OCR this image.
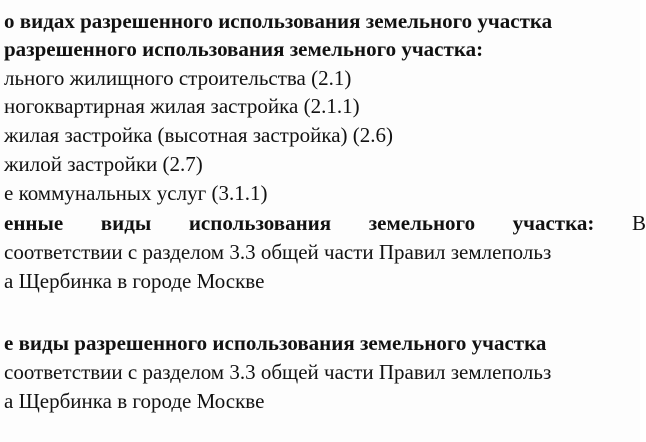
о видах разрешенного использования земельного участка
разрешенного использования земельного участка:
льного жилищного строительства (2.1)
ногоквартирная жилая застройка (2.1.1)
жилая застройка (высотная застройка) (2.6)
жилой застройки (2.7)
е коммунальных услуг (3.1.1)
енные виды использования земельного участка: В
соответствии с разделом 3.3 общей части Правил землепольз
а Щербинка в городе Москве
е виды разрешенного использования земельного участка
соответствии с разделом 3.3 общей части Правил землепольз
а Щербинка в городе Москве
